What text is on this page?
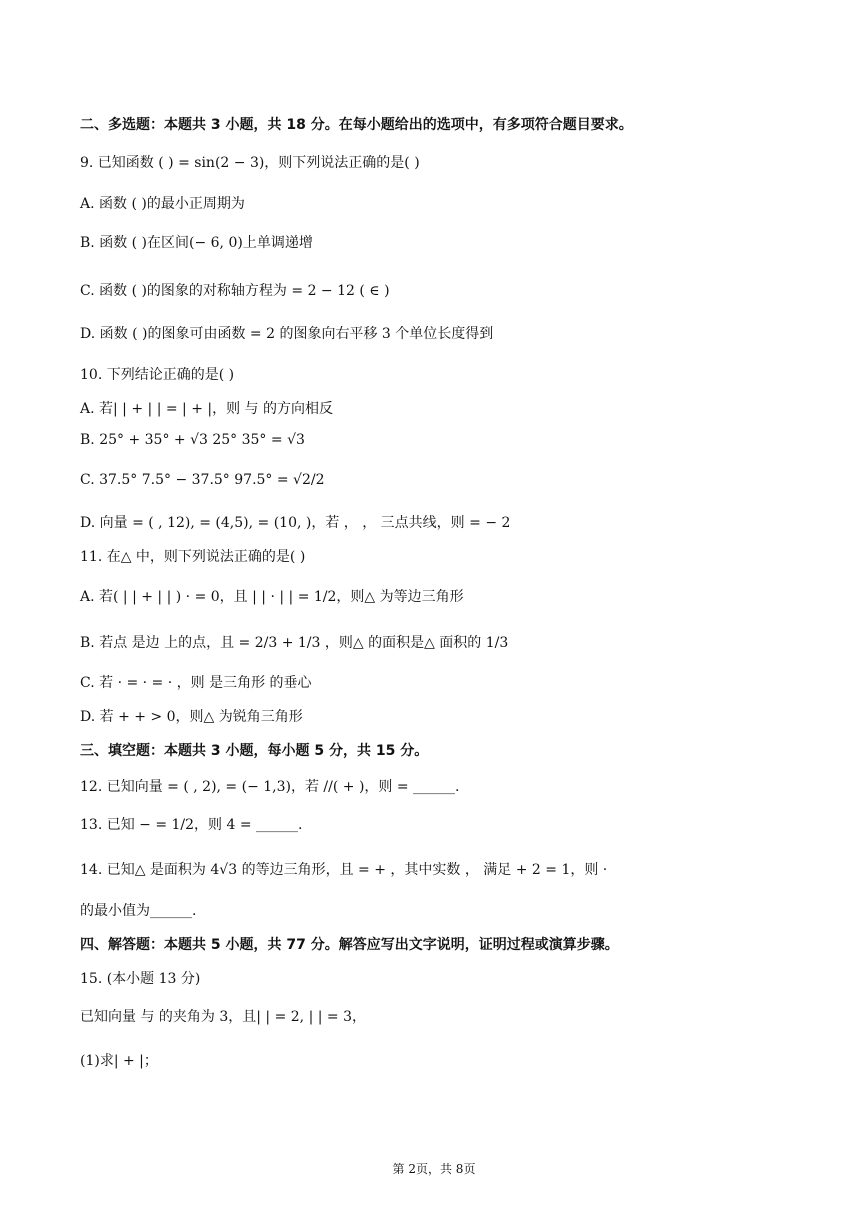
二、多选题：本题共 3 小题，共 18 分。在每小题给出的选项中，有多项符合题目要求。
9. 已知函数 ( ) = sin(2 − 3)，则下列说法正确的是( )
A. 函数 ( )的最小正周期为
B. 函数 ( )在区间(− 6, 0)上单调递增
C. 函数 ( )的图象的对称轴方程为 = 2 − 12 ( ∈ )
D. 函数 ( )的图象可由函数 = 2 的图象向右平移 3 个单位长度得到
10. 下列结论正确的是( )
A. 若| | + | | = | + |，则 与 的方向相反
B. 25° + 35° + √3 25° 35° = √3
C. 37.5° 7.5° − 37.5° 97.5° = √2/2
D. 向量 = ( , 12), = (4,5), = (10, )，若 ， ， 三点共线，则 = − 2
11. 在△ 中，则下列说法正确的是( )
A. 若( | | + | | ) · = 0，且 | | · | | = 1/2，则△ 为等边三角形
B. 若点 是边 上的点，且 = 2/3 + 1/3 ，则△ 的面积是△ 面积的 1/3
C. 若 · = · = · ，则 是三角形 的垂心
D. 若 + + > 0，则△ 为锐角三角形
三、填空题：本题共 3 小题，每小题 5 分，共 15 分。
12. 已知向量 = ( , 2), = (− 1,3)，若 //( + )，则 = ______.
13. 已知 − = 1/2，则 4 = ______.
14. 已知△ 是面积为 4√3 的等边三角形，且 = + ，其中实数 ， 满足 + 2 = 1，则 ·
的最小值为______.
四、解答题：本题共 5 小题，共 77 分。解答应写出文字说明，证明过程或演算步骤。
15. (本小题 13 分)
已知向量 与 的夹角为 3，且| | = 2, | | = 3，
(1)求| + |；
第 2页，共 8页
